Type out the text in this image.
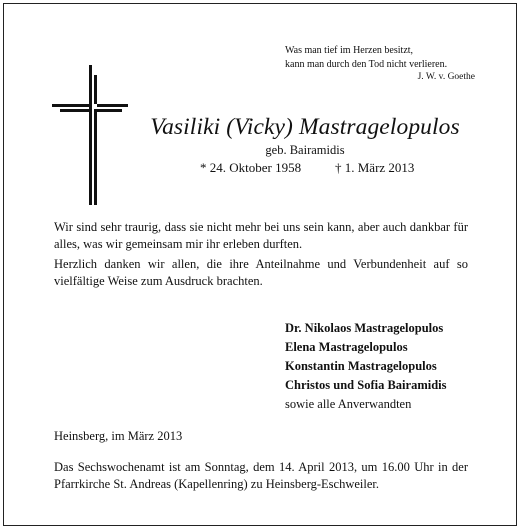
Was man tief im Herzen besitzt,
kann man durch den Tod nicht verlieren.
J. W. v. Goethe
Vasiliki (Vicky) Mastragelopulos
geb. Bairamidis
* 24. Oktober 1958	† 1. März 2013
Wir sind sehr traurig, dass sie nicht mehr bei uns sein kann, aber auch dankbar für alles, was wir gemeinsam mir ihr erleben durften.
Herzlich danken wir allen, die ihre Anteilnahme und Verbundenheit auf so vielfältige Weise zum Ausdruck brachten.
Dr. Nikolaos Mastragelopulos
Elena Mastragelopulos
Konstantin Mastragelopulos
Christos und Sofia Bairamidis
sowie alle Anverwandten
Heinsberg, im März 2013
Das Sechswochenamt ist am Sonntag, dem 14. April 2013, um 16.00 Uhr in der Pfarrkirche St. Andreas (Kapellenring) zu Heinsberg-Eschweiler.
